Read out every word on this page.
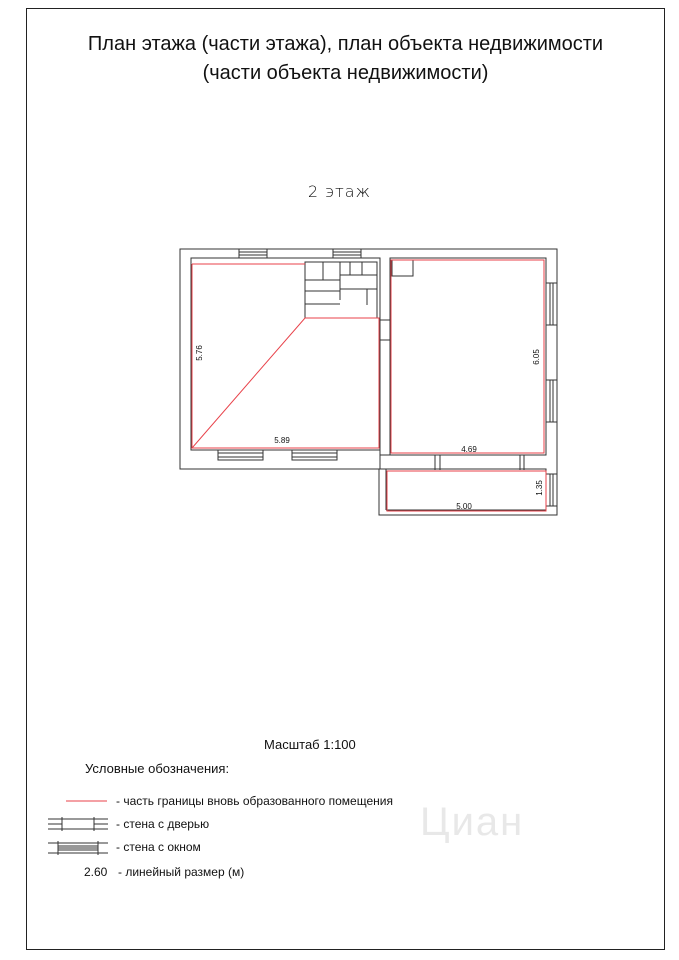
План этажа (части этажа), план объекта недвижимости
(части объекта недвижимости)
2 этаж
5.76
5.89
6.05
4.69
5.00
1.35
Масштаб 1:100
Условные обозначения:
- часть границы вновь образованного помещения
- стена с дверью
- стена с окном
2.60 - линейный размер (м)
Циан
